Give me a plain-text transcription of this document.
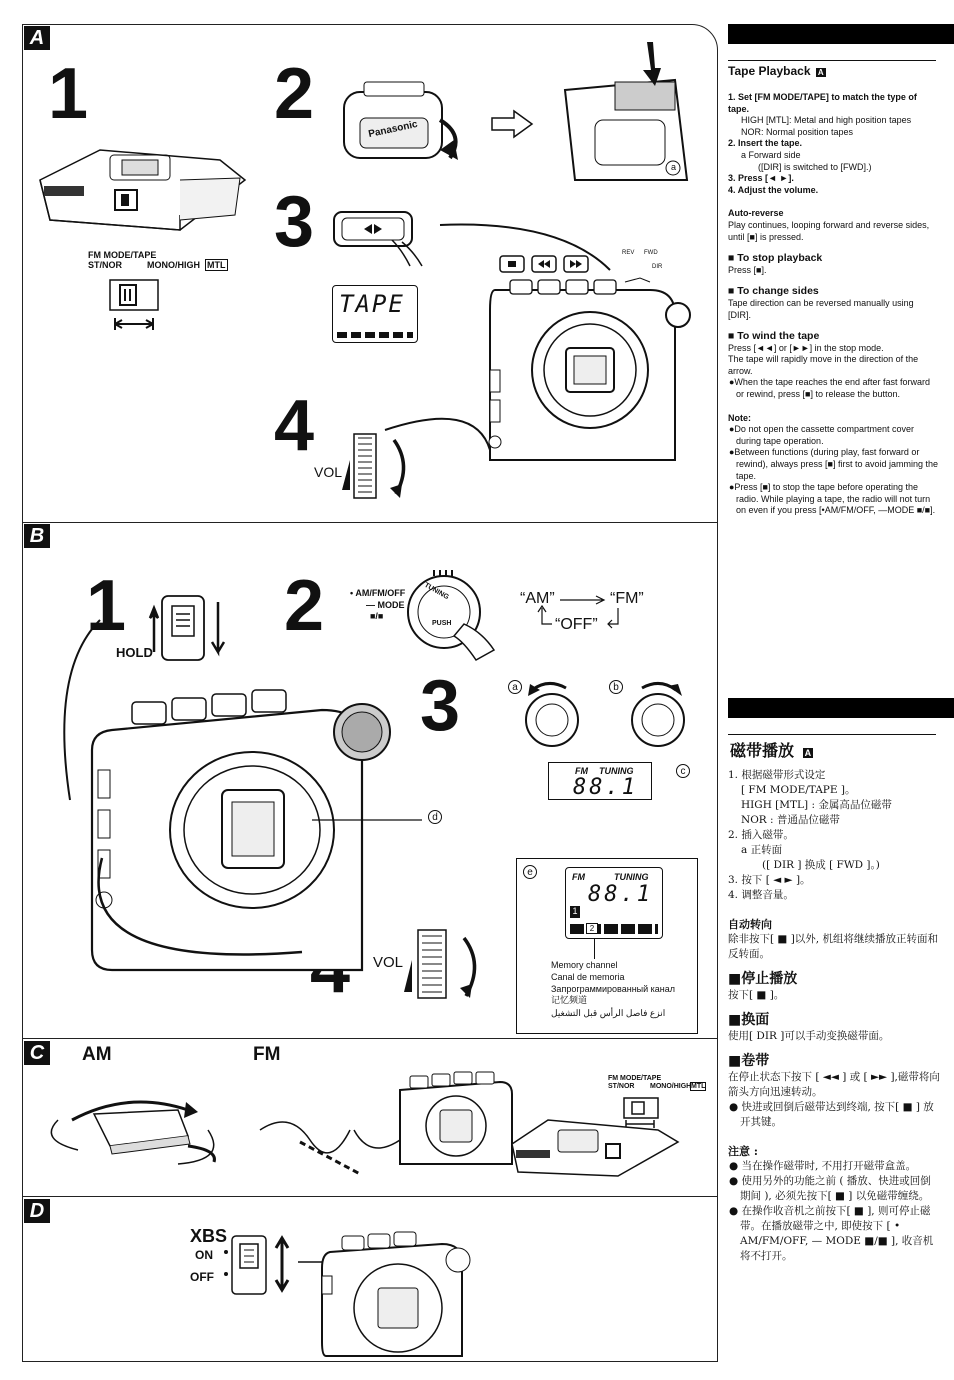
A
1	2
3
4
FM MODE/TAPE
ST/NOR	MONO/HIGH MTL
Panasonic
a
TAPE
REV FWD
DIR
VOL
B
1 2
3
HOLD
• AM/FM/OFF
— MODE
■/■
TUNING
PUSH
“AM”	“FM”
“OFF”
d
a	b
FM TUNING
88.1
c
e	FM	TUNING
88.1
1
2
Memory channel
Canal de memoria
Запрограммированный канал
记忆频道
انزع فاصل الرأس قبل التشغيل
VOL
C	AM	FM
FM MODE/TAPE
ST/NOR MONO/HIGH MTL
D
XBS
ON
OFF
Tape Playback A

1. Set [FM MODE/TAPE] to match the type of tape.

HIGH [MTL]: Metal and high position tapes

NOR: Normal position tapes

2. Insert the tape.

a Forward side

([DIR] is switched to [FWD].)

3. Press [◄ ►].

4. Adjust the volume.

Auto-reverse

Play continues, looping forward and reverse sides, until [■] is pressed.

■ To stop playback

Press [■].

■ To change sides

Tape direction can be reversed manually using [DIR].

■ To wind the tape

Press [◄◄] or [►►] in the stop mode.

The tape will rapidly move in the direction of the arrow.

●When the tape reaches the end after fast forward or rewind, press [■] to release the button.

Note:

●Do not open the cassette compartment cover during tape operation.

●Between functions (during play, fast forward or rewind), always press [■] first to avoid jamming the tape.

●Press [■] to stop the tape before operating the radio. While playing a tape, the radio will not turn on even if you press [•AM/FM/OFF, —MODE ■/■].

磁带播放 A

1. 根据磁带形式设定

[ FM MODE/TAPE ]。

HIGH [MTL] : 金属高品位磁带

NOR : 普通品位磁带

2. 插入磁带。

a 正转面

([ DIR ] 换成 [ FWD ]。)

3. 按下 [ ◄ ► ]。

4. 调整音量。

自动转向

除非按下[ ■ ]以外, 机组将继续播放正转面和反转面。

■停止播放

按下[ ■ ]。

■换面

使用[ DIR ]可以手动变换磁带面。

■卷带

在停止状态下按下 [ ◄◄ ] 或 [ ►► ],磁带将向箭头方向迅速转动。

● 快进或回倒后磁带达到终端, 按下[ ■ ] 放开其键。

注意 :

● 当在操作磁带时, 不用打开磁带盒盖。

● 使用另外的功能之前 ( 播放、快进或回倒期间 ), 必须先按下[ ■ ] 以免磁带缠绕。

● 在操作收音机之前按下[ ■ ], 则可停止磁带。在播放磁带之中, 即使按下 [ • AM/FM/OFF, — MODE ■/■ ], 收音机将不打开。
